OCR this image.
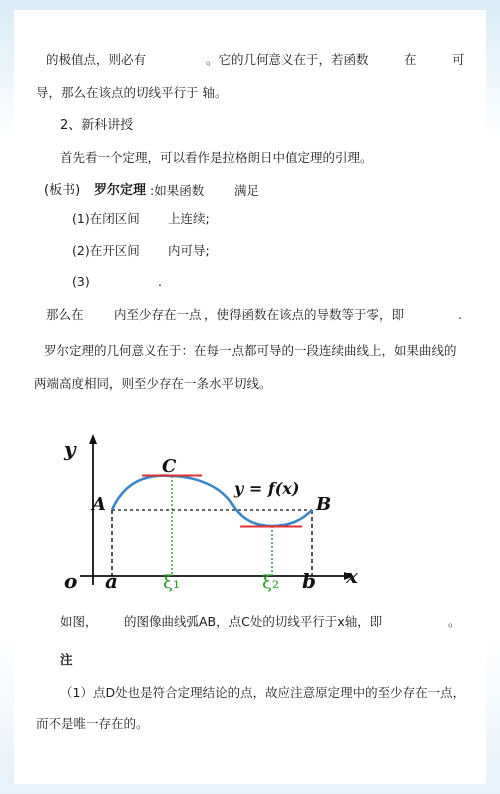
的极值点，则必有	。它的几何意义在于，若函数	在	可
导，那么在该点的切线平行于 轴。
2、新科讲授
首先看一个定理，可以看作是拉格朗日中值定理的引理。
(板书) 罗尔定理 :如果函数 满足
(1)在闭区间 上连续;
(2)在开区间 内可导;
(3)	.
那么在 内至少存在一点 ，使得函数在该点的导数等于零，即	.
罗尔定理的几何意义在于：在每一点都可导的一段连续曲线上，如果曲线的
两端高度相同，则至少存在一条水平切线。
y
x
o a	b
ξ₁	ξ₂
A	B
C
y = f(x)
如图， 的图像曲线弧AB，点C处的切线平行于x轴，即	。
注
（1）点D处也是符合定理结论的点，故应注意原定理中的至少存在一点，
而不是唯一存在的。
